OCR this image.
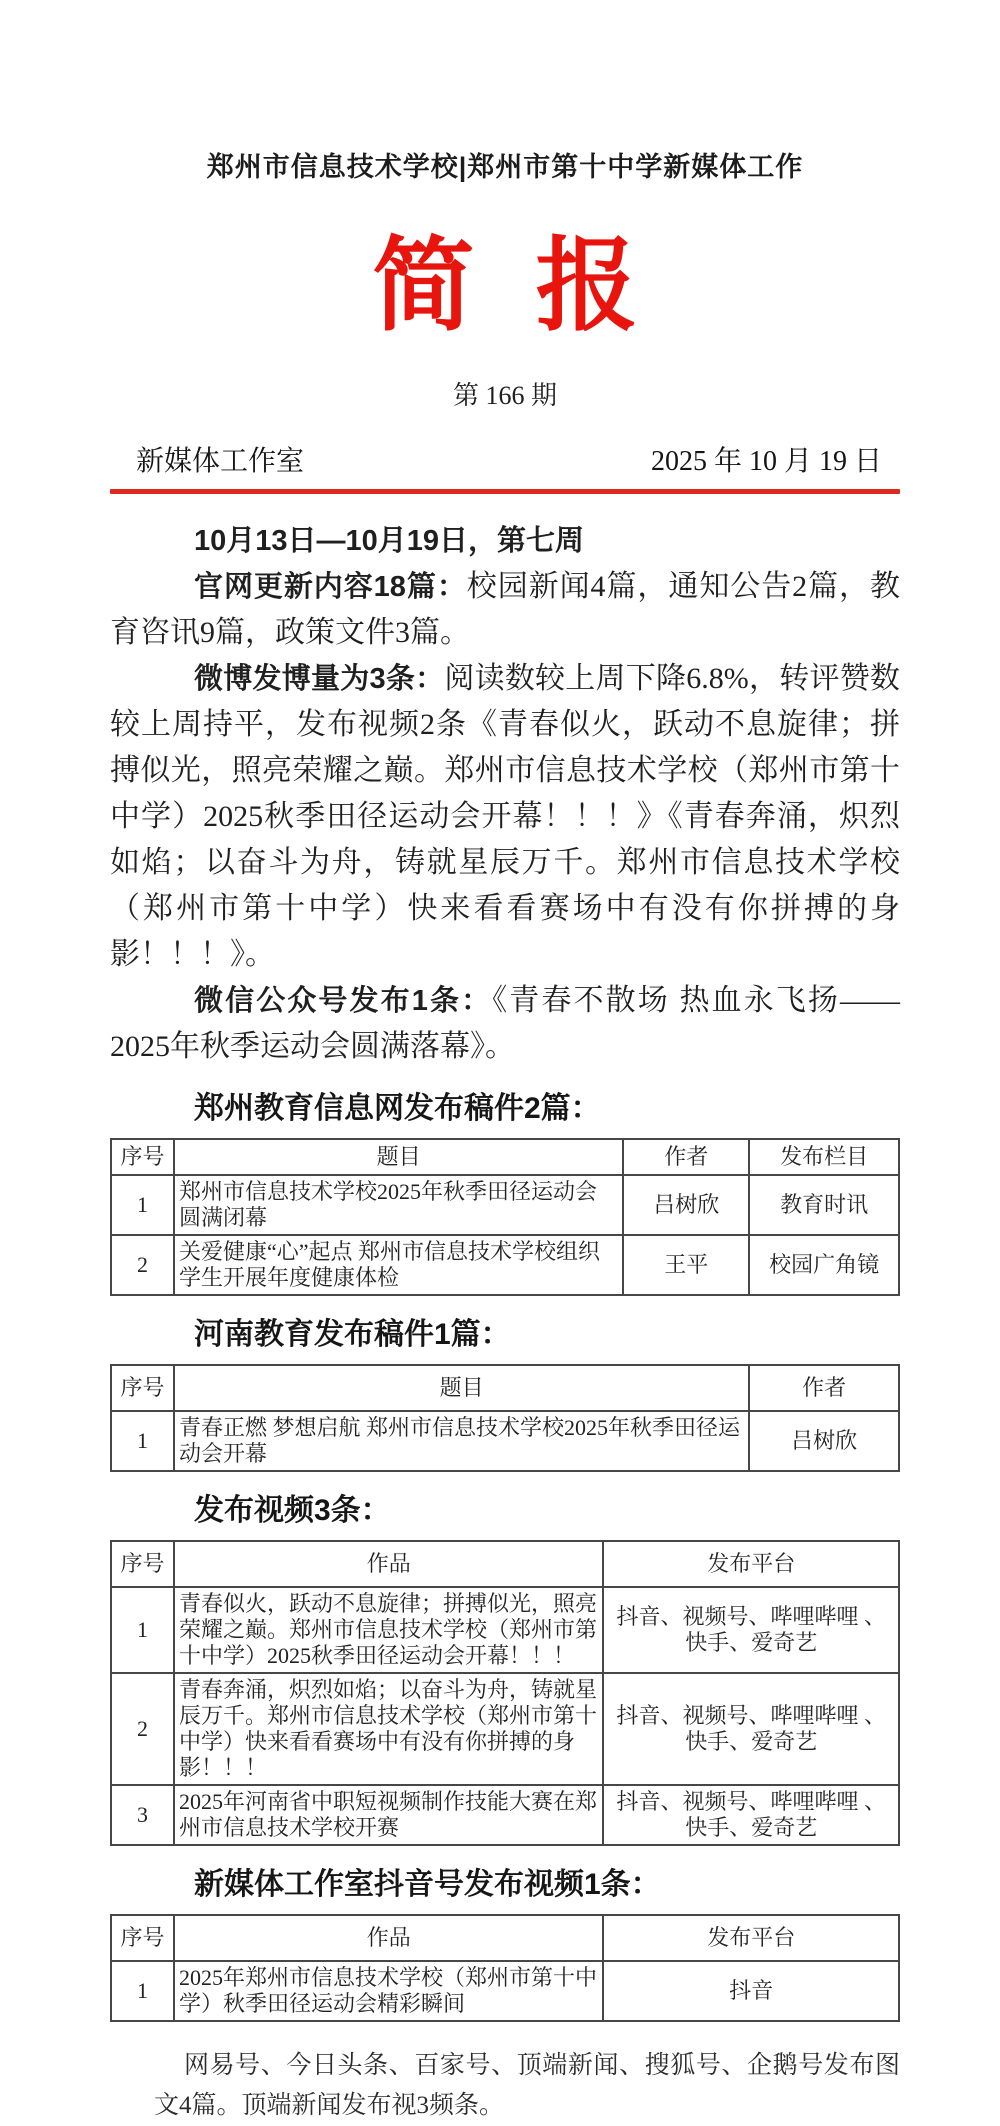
郑州市信息技术学校|郑州市第十中学新媒体工作
简报
第 166 期
新媒体工作室	2025 年 10 月 19 日

10月13日—10月19日，第七周

官网更新内容18篇：校园新闻4篇，通知公告2篇，教育咨讯9篇，政策文件3篇。

微博发博量为3条：阅读数较上周下降6.8%，转评赞数较上周持平，发布视频2条《青春似火，跃动不息旋律；拼搏似光，照亮荣耀之巅。郑州市信息技术学校（郑州市第十中学）2025秋季田径运动会开幕！！！》《青春奔涌，炽烈如焰；以奋斗为舟，铸就星辰万千。郑州市信息技术学校（郑州市第十中学）快来看看赛场中有没有你拼搏的身影！！！》。

微信公众号发布1条：《青春不散场 热血永飞扬——2025年秋季运动会圆满落幕》。

郑州教育信息网发布稿件2篇：
序号	题目	作者	发布栏目
1	郑州市信息技术学校2025年秋季田径运动会圆满闭幕	吕树欣	教育时讯
2	关爱健康“心”起点 郑州市信息技术学校组织学生开展年度健康体检	王平	校园广角镜
河南教育发布稿件1篇：
序号	题目	作者
1	青春正燃 梦想启航 郑州市信息技术学校2025年秋季田径运动会开幕	吕树欣
发布视频3条：
序号	作品	发布平台
1	青春似火，跃动不息旋律；拼搏似光，照亮荣耀之巅。郑州市信息技术学校（郑州市第十中学）2025秋季田径运动会开幕！！！	抖音、视频号、哔哩哔哩 、快手、爱奇艺
2	青春奔涌，炽烈如焰；以奋斗为舟，铸就星辰万千。郑州市信息技术学校（郑州市第十中学）快来看看赛场中有没有你拼搏的身影！！！	抖音、视频号、哔哩哔哩 、快手、爱奇艺
3	2025年河南省中职短视频制作技能大赛在郑州市信息技术学校开赛	抖音、视频号、哔哩哔哩 、快手、爱奇艺
新媒体工作室抖音号发布视频1条：
序号	作品	发布平台
1	2025年郑州市信息技术学校（郑州市第十中学）秋季田径运动会精彩瞬间	抖音

网易号、今日头条、百家号、顶端新闻、搜狐号、企鹅号发布图文4篇。顶端新闻发布视3频条。
